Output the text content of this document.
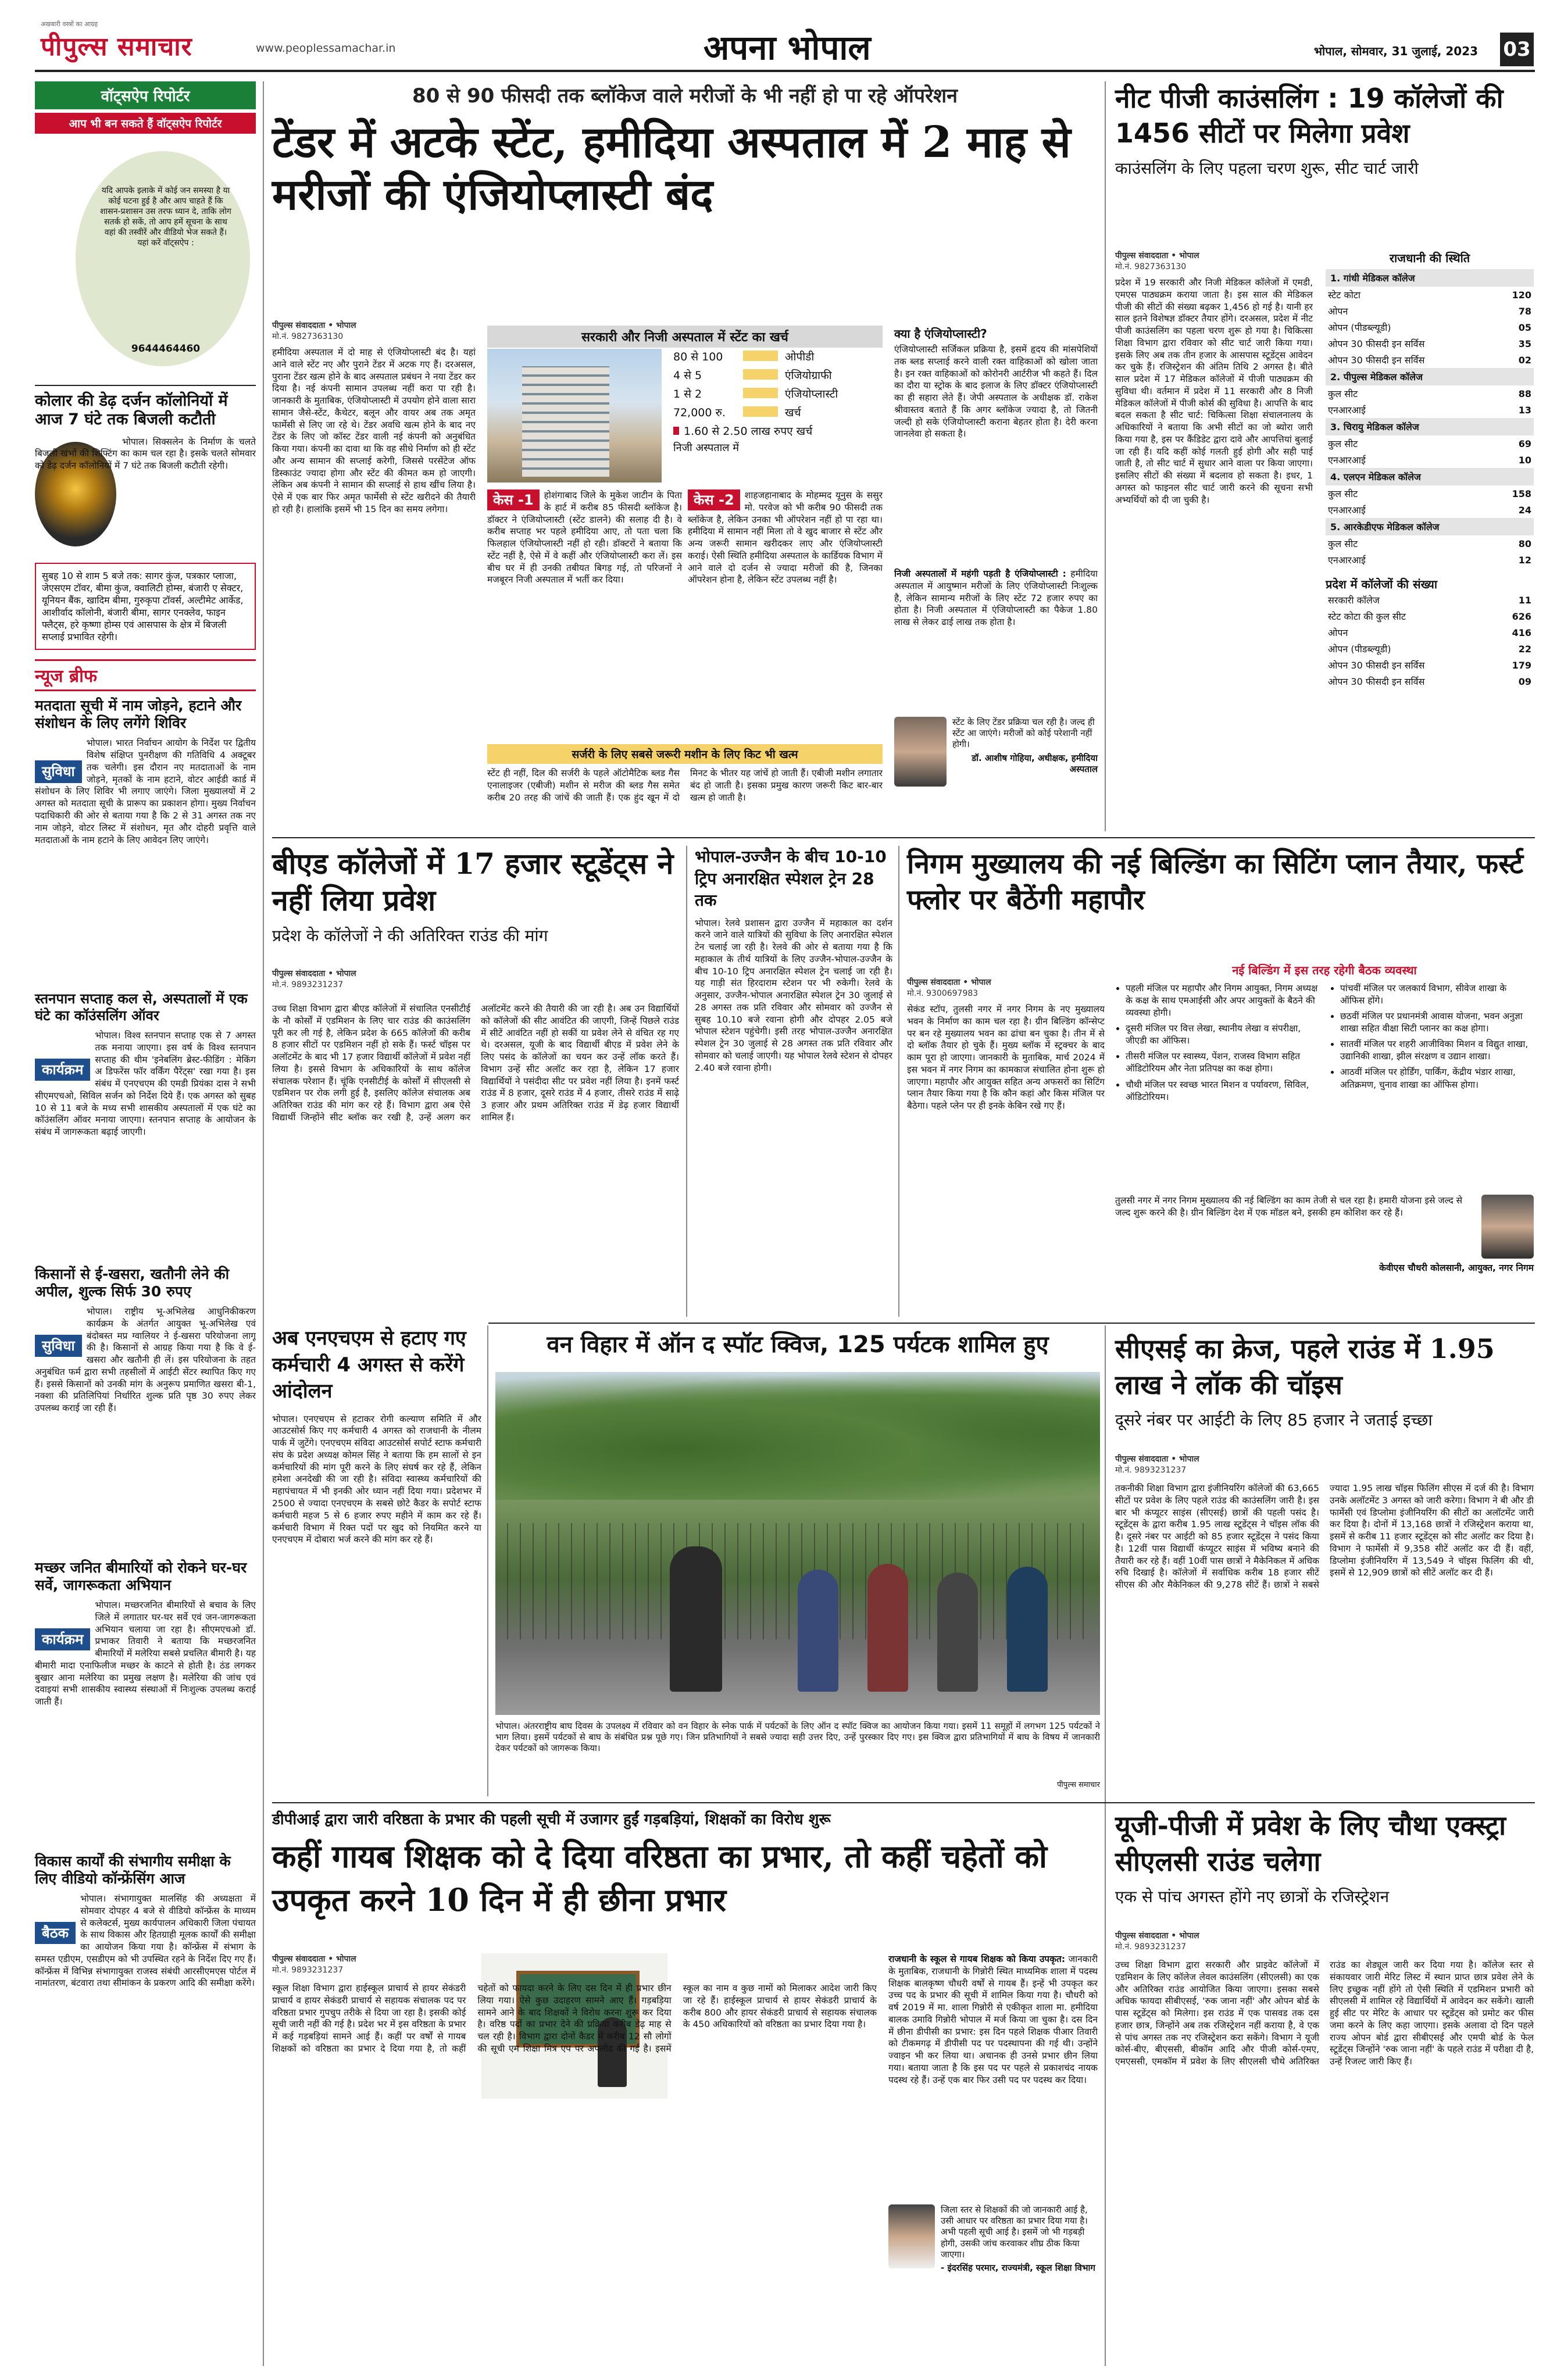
अखबारी वस्त्रों का आग्रह
पीपुल्स समाचार	www.peoplessamachar.in	अपना भोपाल	भोपाल, सोमवार, 31 जुलाई, 2023 03
वॉट्सऐप रिपोर्टर
आप भी बन सकते हैं वॉट्सऐप रिपोर्टर
यदि आपके इलाके में कोई जन समस्या है या कोई घटना हुई है और आप चाहते हैं कि शासन-प्रशासन उस तरफ ध्यान दे, ताकि लोग सतर्क हो सकें, तो आप हमें सूचना के साथ वहां की तस्वीरें और वीडियो भेज सकते हैं। यहां करें वॉट्सऐप :
9644464460
कोलार की डेढ़ दर्जन कॉलोनियों में आज 7 घंटे तक बिजली कटौती
भोपाल। सिक्सलेन के निर्माण के चलते बिजली खंभों की शिफ्टिंग का काम चल रहा है। इसके चलते सोमवार को डेढ़ दर्जन कॉलोनियों में 7 घंटे तक बिजली कटौती रहेगी।
सुबह 10 से शाम 5 बजे तक: सागर कुंज, पत्रकार प्लाजा, जेएसएम टॉवर, बीमा कुंज, क्वालिटी होम्स, बंजारी ए सेक्टर, यूनियन बैंक, खादिम बीमा, गुरुकृपा टॉवर्स, अल्टीमेट आर्केड, आशीर्वाद कॉलोनी, बंजारी बीमा, सागर एनक्लेव, फाइन फ्लैट्स, हरे कृष्णा होम्स एवं आसपास के क्षेत्र में बिजली सप्लाई प्रभावित रहेगी।
न्यूज ब्रीफ
मतदाता सूची में नाम जोड़ने, हटाने और संशोधन के लिए लगेंगे शिविर
सुविधा
भोपाल। भारत निर्वाचन आयोग के निर्देश पर द्वितीय विशेष संक्षिप्त पुनरीक्षण की गतिविधि 4 अक्टूबर तक चलेगी। इस दौरान नए मतदाताओं के नाम जोड़ने, मृतकों के नाम हटाने, वोटर आईडी कार्ड में संशोधन के लिए शिविर भी लगाए जाएंगे। जिला मुख्यालयों में 2 अगस्त को मतदाता सूची के प्रारूप का प्रकाशन होगा। मुख्य निर्वाचन पदाधिकारी की ओर से बताया गया है कि 2 से 31 अगस्त तक नए नाम जोड़ने, वोटर लिस्ट में संशोधन, मृत और दोहरी प्रवृत्ति वाले मतदाताओं के नाम हटाने के लिए आवेदन लिए जाएंगे।
स्तनपान सप्ताह कल से, अस्पतालों में एक घंटे का कॉउंसलिंग ऑवर
कार्यक्रम
भोपाल। विश्व स्तनपान सप्ताह एक से 7 अगस्त तक मनाया जाएगा। इस वर्ष के विश्व स्तनपान सप्ताह की थीम 'इनेबलिंग ब्रेस्ट-फीडिंग : मेकिंग अ डिफरेंस फॉर वर्किंग पैरेंट्स' रखा गया है। इस संबंध में एनएचएम की एमडी प्रियंका दास ने सभी सीएमएचओ, सिविल सर्जन को निर्देश दिये हैं। एक अगस्त को सुबह 10 से 11 बजे के मध्य सभी शासकीय अस्पतालों में एक घंटे का कॉउंसलिंग ऑवर मनाया जाएगा। स्तनपान सप्ताह के आयोजन के संबंध में जागरूकता बढ़ाई जाएगी।
किसानों से ई-खसरा, खतौनी लेने की अपील, शुल्क सिर्फ 30 रुपए
सुविधा
भोपाल। राष्ट्रीय भू-अभिलेख आधुनिकीकरण कार्यक्रम के अंतर्गत आयुक्त भू-अभिलेख एवं बंदोबस्त मप्र ग्वालियर ने ई-खसरा परियोजना लागू की है। किसानों से आग्रह किया गया है कि वे ई-खसरा और खतौनी ही लें। इस परियोजना के तहत अनुबंधित फर्म द्वारा सभी तहसीलों में आईटी सेंटर स्थापित किए गए हैं। इससे किसानों को उनकी मांग के अनुरूप प्रमाणित खसरा बी-1, नक्शा की प्रतिलिपियां निर्धारित शुल्क प्रति पृष्ठ 30 रुपए लेकर उपलब्ध कराई जा रही हैं।
मच्छर जनित बीमारियों को रोकने घर-घर सर्वे, जागरूकता अभियान
कार्यक्रम
भोपाल। मच्छरजनित बीमारियों से बचाव के लिए जिले में लगातार घर-घर सर्वे एवं जन-जागरूकता अभियान चलाया जा रहा है। सीएमएचओ डॉ. प्रभाकर तिवारी ने बताया कि मच्छरजनित बीमारियों में मलेरिया सबसे प्रचलित बीमारी है। यह बीमारी मादा एनाफिलीज मच्छर के काटने से होती है। ठंड लगकर बुखार आना मलेरिया का प्रमुख लक्षण है। मलेरिया की जांच एवं दवाइयां सभी शासकीय स्वास्थ्य संस्थाओं में निःशुल्क उपलब्ध कराई जाती हैं।
विकास कार्यों की संभागीय समीक्षा के लिए वीडियो कॉन्फ्रेंसिंग आज
बैठक
भोपाल। संभागायुक्त मालसिंह की अध्यक्षता में सोमवार दोपहर 4 बजे से वीडियो कॉन्फ्रेंस के माध्यम से कलेक्टर्स, मुख्य कार्यपालन अधिकारी जिला पंचायत के साथ विकास और हितग्राही मूलक कार्यों की समीक्षा का आयोजन किया गया है। कॉन्फ्रेंस में संभाग के समस्त एडीएम, एसडीएम को भी उपस्थित रहने के निर्देश दिए गए हैं। कॉन्फ्रेंस में विभिन्न संभागायुक्त राजस्व संबंधी आरसीएमएस पोर्टल में नामांतरण, बंटवारा तथा सीमांकन के प्रकरण आदि की समीक्षा करेंगे।
80 से 90 फीसदी तक ब्लॉकेज वाले मरीजों के भी नहीं हो पा रहे ऑपरेशन
टेंडर में अटके स्टेंट, हमीदिया अस्पताल में 2 माह से मरीजों की एंजियोप्लास्टी बंद
पीपुल्स संवाददाता • भोपाल
मो.नं. 9827363130
हमीदिया अस्पताल में दो माह से एंजियोप्लास्टी बंद है। यहां आने वाले स्टेंट नए और पुराने टेंडर में अटक गए हैं। दरअसल, पुराना टेंडर खत्म होने के बाद अस्पताल प्रबंधन ने नया टेंडर कर दिया है। नई कंपनी सामान उपलब्ध नहीं करा पा रही है। जानकारी के मुताबिक, एंजियोप्लास्टी में उपयोग होने वाला सारा सामान जैसे-स्टेंट, कैथेटर, बलून और वायर अब तक अमृत फार्मेसी से लिए जा रहे थे। टेंडर अवधि खत्म होने के बाद नए टेंडर के लिए जो कॉस्ट टेंडर वाली नई कंपनी को अनुबंधित किया गया। कंपनी का दावा था कि वह सीधे निर्माण को ही स्टेंट और अन्य सामान की सप्लाई करेगी, जिससे परसेंटेज ऑफ डिस्काउंट ज्यादा होगा और स्टेंट की कीमत कम हो जाएगी। लेकिन अब कंपनी ने सामान की सप्लाई से हाथ खींच लिया है। ऐसे में एक बार फिर अमृत फार्मेसी से स्टेंट खरीदने की तैयारी हो रही है। हालांकि इसमें भी 15 दिन का समय लगेगा।
सरकारी और निजी अस्पताल में स्टेंट का खर्च
80 से 100	ओपीडी
4 से 5	एंजियोग्राफी
1 से 2	एंजियोप्लास्टी
72,000 रु.	खर्च
1.60 से 2.50 लाख रुपए खर्च
निजी अस्पताल में
केस -1	होशंगाबाद जिले के मुकेश जाटीन के पिता के हार्ट में करीब 85 फीसदी ब्लॉकेज है। डॉक्टर ने एंजियोप्लास्टी (स्टेंट डालने) की सलाह दी है। वे करीब सप्ताह भर पहले हमीदिया आए, तो पता चला कि फिलहाल एंजियोप्लास्टी नहीं हो रही। डॉक्टरों ने बताया कि स्टेंट नहीं है, ऐसे में वे कहीं और एंजियोप्लास्टी करा लें। इस बीच घर में ही उनकी तबीयत बिगड़ गई, तो परिजनों ने मजबूरन निजी अस्पताल में भर्ती कर दिया।
केस -2	शाहजहानाबाद के मोहम्मद यूनुस के ससुर मो. परवेज को भी करीब 90 फीसदी तक ब्लॉकेज है, लेकिन उनका भी ऑपरेशन नहीं हो पा रहा था। हमीदिया में सामान नहीं मिला तो वे खुद बाजार से स्टेंट और अन्य जरूरी सामान खरीदकर लाए और एंजियोप्लास्टी कराई। ऐसी स्थिति हमीदिया अस्पताल के कार्डियक विभाग में आने वाले दो दर्जन से ज्यादा मरीजों की है, जिनका ऑपरेशन होना है, लेकिन स्टेंट उपलब्ध नहीं है।
सर्जरी के लिए सबसे जरूरी मशीन के लिए किट भी खत्म
स्टेंट ही नहीं, दिल की सर्जरी के पहले ऑटोमैटिक ब्लड गैस एनालाइजर (एबीजी) मशीन से मरीज की ब्लड गैस समेत करीब 20 तरह की जांचें की जाती हैं। एक हुंद खून में दो मिनट के भीतर यह जांचें हो जाती हैं। एबीजी मशीन लगातार बंद हो जाती है। इसका प्रमुख कारण जरूरी किट बार-बार खत्म हो जाती है।
क्या है एंजियोप्लास्टी?
एंजियोप्लास्टी सर्जिकल प्रक्रिया है, इसमें हृदय की मांसपेशियों तक ब्लड सप्लाई करने वाली रक्त वाहिकाओं को खोला जाता है। इन रक्त वाहिकाओं को कोरोनरी आर्टरीज भी कहते हैं। दिल का दौरा या स्ट्रोक के बाद इलाज के लिए डॉक्टर एंजियोप्लास्टी का ही सहारा लेते हैं। जेपी अस्पताल के अधीक्षक डॉ. राकेश श्रीवास्तव बताते हैं कि अगर ब्लॉकेज ज्यादा है, तो जितनी जल्दी हो सके एंजियोप्लास्टी कराना बेहतर होता है। देरी करना जानलेवा हो सकता है।
निजी अस्पतालों में महंगी पड़ती है एंजियोप्लास्टी : हमीदिया अस्पताल में आयुष्मान मरीजों के लिए एंजियोप्लास्टी निःशुल्क है, लेकिन सामान्य मरीजों के लिए स्टेंट 72 हजार रुपए का होता है। निजी अस्पताल में एंजियोप्लास्टी का पैकेज 1.80 लाख से लेकर ढाई लाख तक होता है।
स्टेंट के लिए टेंडर प्रक्रिया चल रही है। जल्द ही स्टेंट आ जाएंगे। मरीजों को कोई परेशानी नहीं होगी।
डॉ. आशीष गोहिया, अधीक्षक, हमीदिया अस्पताल
नीट पीजी काउंसलिंग : 19 कॉलेजों की 1456 सीटों पर मिलेगा प्रवेश
काउंसलिंग के लिए पहला चरण शुरू, सीट चार्ट जारी
पीपुल्स संवाददाता • भोपाल
मो.नं. 9827363130
प्रदेश में 19 सरकारी और निजी मेडिकल कॉलेजों में एमडी, एमएस पाठ्यक्रम कराया जाता है। इस साल की मेडिकल पीजी की सीटों की संख्या बढ़कर 1,456 हो गई है। यानी हर साल इतने विशेषज्ञ डॉक्टर तैयार होंगे। दरअसल, प्रदेश में नीट पीजी काउंसलिंग का पहला चरण शुरू हो गया है। चिकित्सा शिक्षा विभाग द्वारा रविवार को सीट चार्ट जारी किया गया। इसके लिए अब तक तीन हजार के आसपास स्टूडेंट्स आवेदन कर चुके हैं। रजिस्ट्रेशन की अंतिम तिथि 2 अगस्त है। बीते साल प्रदेश में 17 मेडिकल कॉलेजों में पीजी पाठ्यक्रम की सुविधा थी। वर्तमान में प्रदेश में 11 सरकारी और 8 निजी मेडिकल कॉलेजों में पीजी कोर्स की सुविधा है। आपत्ति के बाद बदल सकता है सीट चार्ट: चिकित्सा शिक्षा संचालनालय के अधिकारियों ने बताया कि अभी सीटों का जो ब्योरा जारी किया गया है, इस पर कैंडिडेट द्वारा दावे और आपत्तियां बुलाई जा रही हैं। यदि कहीं कोई गलती हुई होगी और सही पाई जाती है, तो सीट चार्ट में सुधार आने वाला पर किया जाएगा। इसलिए सीटों की संख्या में बदलाव हो सकता है। इधर, 1 अगस्त को फाइनल सीट चार्ट जारी करने की सूचना सभी अभ्यर्थियों को दी जा चुकी है।
राजधानी की स्थिति
1. गांधी मेडिकल कॉलेज
स्टेट कोटा	120
ओपन	78
ओपन (पीडब्ल्यूडी)	05
ओपन 30 फीसदी इन सर्विस	35
ओपन 30 फीसदी इन सर्विस	02
2. पीपुल्स मेडिकल कॉलेज
कुल सीट	88
एनआरआई	13
3. चिरायु मेडिकल कॉलेज
कुल सीट	69
एनआरआई	10
4. एलएन मेडिकल कॉलेज
कुल सीट	158
एनआरआई	24
5. आरकेडीएफ मेडिकल कॉलेज
कुल सीट	80
एनआरआई	12
प्रदेश में कॉलेजों की संख्या
सरकारी कॉलेज	11
स्टेट कोटा की कुल सीट	626
ओपन	416
ओपन (पीडब्ल्यूडी)	22
ओपन 30 फीसदी इन सर्विस	179
ओपन 30 फीसदी इन सर्विस	09
बीएड कॉलेजों में 17 हजार स्टूडेंट्स ने नहीं लिया प्रवेश
प्रदेश के कॉलेजों ने की अतिरिक्त राउंड की मांग
पीपुल्स संवाददाता • भोपाल
मो.नं. 9893231237
उच्च शिक्षा विभाग द्वारा बीएड कॉलेजों में संचालित एनसीटीई के नौ कोर्सों में एडमिशन के लिए चार राउंड की काउंसलिंग पूरी कर ली गई है, लेकिन प्रदेश के 665 कॉलेजों की करीब 8 हजार सीटों पर एडमिशन नहीं हो सके हैं। फर्स्ट चॉइस पर अलॉटमेंट के बाद भी 17 हजार विद्यार्थी कॉलेजों में प्रवेश नहीं लिया है। इससे विभाग के अधिकारियों के साथ कॉलेज संचालक परेशान हैं। चूंकि एनसीटीई के कोर्सों में सीएलसी से एडमिशन पर रोक लगी हुई है, इसलिए कॉलेज संचालक अब अतिरिक्त राउंड की मांग कर रहे हैं। विभाग द्वारा अब ऐसे विद्यार्थी जिन्होंने सीट ब्लॉक कर रखी है, उन्हें अलग कर अलॉटमेंट करने की तैयारी की जा रही है। अब उन विद्यार्थियों को कॉलेजों की सीट आवंटित की जाएगी, जिन्हें पिछले राउंड में सीटें आवंटित नहीं हो सकीं या प्रवेश लेने से वंचित रह गए थे। दरअसल, यूजी के बाद विद्यार्थी बीएड में प्रवेश लेने के लिए पसंद के कॉलेजों का चयन कर उन्हें लॉक करते हैं। विभाग उन्हें सीट अलॉट कर रहा है, लेकिन 17 हजार विद्यार्थियों ने पसंदीदा सीट पर प्रवेश नहीं लिया है। इनमें फर्स्ट राउंड में 8 हजार, दूसरे राउंड में 4 हजार, तीसरे राउंड में साढ़े 3 हजार और प्रथम अतिरिक्त राउंड में डेढ़ हजार विद्यार्थी शामिल हैं।
भोपाल-उज्जैन के बीच 10-10 ट्रिप अनारक्षित स्पेशल ट्रेन 28 तक
भोपाल। रेलवे प्रशासन द्वारा उज्जैन में महाकाल का दर्शन करने जाने वाले यात्रियों की सुविधा के लिए अनारक्षित स्पेशल टेन चलाई जा रही है। रेलवे की ओर से बताया गया है कि महाकाल के तीर्थ यात्रियों के लिए उज्जैन-भोपाल-उज्जैन के बीच 10-10 ट्रिप अनारक्षित स्पेशल ट्रेन चलाई जा रही है। यह गाड़ी संत हिरदाराम स्टेशन पर भी रुकेगी। रेलवे के अनुसार, उज्जैन-भोपाल अनारक्षित स्पेशल ट्रेन 30 जुलाई से 28 अगस्त तक प्रति रविवार और सोमवार को उज्जैन से सुबह 10.10 बजे रवाना होगी और दोपहर 2.05 बजे भोपाल स्टेशन पहुंचेगी। इसी तरह भोपाल-उज्जैन अनारक्षित स्पेशल ट्रेन 30 जुलाई से 28 अगस्त तक प्रति रविवार और सोमवार को चलाई जाएगी। यह भोपाल रेलवे स्टेशन से दोपहर 2.40 बजे रवाना होगी।
निगम मुख्यालय की नई बिल्डिंग का सिटिंग प्लान तैयार, फर्स्ट फ्लोर पर बैठेंगी महापौर
पीपुल्स संवाददाता • भोपाल
मो.नं. 9300697983
सेकंड स्टॉप, तुलसी नगर में नगर निगम के नए मुख्यालय भवन के निर्माण का काम चल रहा है। ग्रीन बिल्डिंग कॉन्सेप्ट पर बन रहे मुख्यालय भवन का ढांचा बन चुका है। तीन में से दो ब्लॉक तैयार हो चुके हैं। मुख्य ब्लॉक में स्ट्रक्चर के बाद काम पूरा हो जाएगा। जानकारी के मुताबिक, मार्च 2024 में इस भवन में नगर निगम का कामकाज संचालित होना शुरू हो जाएगा। महापौर और आयुक्त सहित अन्य अफसरों का सिटिंग प्लान तैयार किया गया है कि कौन कहां और किस मंजिल पर बैठेगा। पहले प्लेन पर ही इनके केबिन रखे गए हैं।
नई बिल्डिंग में इस तरह रहेगी बैठक व्यवस्था
• पहली मंजिल पर महापौर और निगम आयुक्त, निगम अध्यक्ष के कक्ष के साथ एमआईसी और अपर आयुक्तों के बैठने की व्यवस्था होगी।
• दूसरी मंजिल पर वित्त लेखा, स्थानीय लेखा व संपरीक्षा, जीएडी का ऑफिस।
• तीसरी मंजिल पर स्वास्थ्य, पेंशन, राजस्व विभाग सहित ऑडिटोरियम और नेता प्रतिपक्ष का कक्ष होगा।
• चौथी मंजिल पर स्वच्छ भारत मिशन व पर्यावरण, सिविल, ऑडिटोरियम।
• पांचवीं मंजिल पर जलकार्य विभाग, सीवेज शाखा के ऑफिस होंगे।
• छठवीं मंजिल पर प्रधानमंत्री आवास योजना, भवन अनुज्ञा शाखा सहित वीक्षा सिटी प्लानर का कक्ष होगा।
• सातवीं मंजिल पर शहरी आजीविका मिशन व विद्युत शाखा, उद्यानिकी शाखा, झील संरक्षण व उद्यान शाखा।
• आठवीं मंजिल पर होर्डिंग, पार्किंग, केंद्रीय भंडार शाखा, अतिक्रमण, चुनाव शाखा का ऑफिस होगा।
तुलसी नगर में नगर निगम मुख्यालय की नई बिल्डिंग का काम तेजी से चल रहा है। हमारी योजना इसे जल्द से जल्द शुरू करने की है। ग्रीन बिल्डिंग देश में एक मॉडल बने, इसकी हम कोशिश कर रहे हैं।
केवीएस चौधरी कोलसानी, आयुक्त, नगर निगम
अब एनएचएम से हटाए गए कर्मचारी 4 अगस्त से करेंगे आंदोलन
भोपाल। एनएचएम से हटाकर रोगी कल्याण समिति में और आउटसोर्स किए गए कर्मचारी 4 अगस्त को राजधानी के नीलम पार्क में जुटेंगे। एनएचएम संविदा आउटसोर्स सपोर्ट स्टाफ कर्मचारी संघ के प्रदेश अध्यक्ष कोमल सिंह ने बताया कि हम सालों से इन कर्मचारियों की मांग पूरी करने के लिए संघर्ष कर रहे हैं, लेकिन हमेशा अनदेखी की जा रही है। संविदा स्वास्थ्य कर्मचारियों की महापंचायत में भी इनकी ओर ध्यान नहीं दिया गया। प्रदेशभर में 2500 से ज्यादा एनएचएम के सबसे छोटे कैडर के सपोर्ट स्टाफ कर्मचारी महज 5 से 6 हजार रुपए महीने में काम कर रहे हैं। कर्मचारी विभाग में रिक्त पदों पर खुद को नियमित करने या एनएचएम में दोबारा भर्ज करने की मांग कर रहे हैं।
वन विहार में ऑन द स्पॉट क्विज, 125 पर्यटक शामिल हुए
भोपाल। अंतरराष्ट्रीय बाघ दिवस के उपलक्ष्य में रविवार को वन विहार के स्नेक पार्क में पर्यटकों के लिए ऑन द स्पॉट क्विज का आयोजन किया गया। इसमें 11 समूहों में लगभग 125 पर्यटकों ने भाग लिया। इसमें पर्यटकों से बाघ के संबंधित प्रश्न पूछे गए। जिन प्रतिभागियों ने सबसे ज्यादा सही उत्तर दिए, उन्हें पुरस्कार दिए गए। इस क्विज द्वारा प्रतिभागियों में बाघ के विषय में जानकारी देकर पर्यटकों को जागरूक किया।
पीपुल्स समाचार
सीएसई का क्रेज, पहले राउंड में 1.95 लाख ने लॉक की चॉइस
दूसरे नंबर पर आईटी के लिए 85 हजार ने जताई इच्छा
पीपुल्स संवाददाता • भोपाल
मो.नं. 9893231237
तकनीकी शिक्षा विभाग द्वारा इंजीनियरिंग कॉलेजों की 63,665 सीटों पर प्रवेश के लिए पहले राउंड की काउंसलिंग जारी है। इस बार भी कंप्यूटर साइंस (सीएसई) छात्रों की पहली पसंद है। स्टूडेंट्स के द्वारा करीब 1.95 लाख स्टूडेंट्स ने चॉइस लॉक की है। दूसरे नंबर पर आईटी को 85 हजार स्टूडेंट्स ने पसंद किया है। 12वीं पास विद्यार्थी कंप्यूटर साइंस में भविष्य बनाने की तैयारी कर रहे हैं। वहीं 10वीं पास छात्रों ने मैकेनिकल में अधिक रुचि दिखाई है। कॉलेजों में सर्वाधिक करीब 18 हजार सीटें सीएस की और मैकेनिकल की 9,278 सीटें हैं। छात्रों ने सबसे ज्यादा 1.95 लाख चॉइस फिलिंग सीएस में दर्ज की है। विभाग उनके अलॉटमेंट 3 अगस्त को जारी करेगा। विभाग ने बी और डी फार्मेसी एवं डिप्लोमा इंजीनियरिंग की सीटों का अलॉटमेंट जारी कर दिया है। दोनों में 13,168 छात्रों ने रजिस्ट्रेशन कराया था, इसमें से करीब 11 हजार स्टूडेंट्स को सीट अलॉट कर दिया है। विभाग ने फार्मेसी में 9,358 सीटें अलॉट कर दी हैं। वहीं, डिप्लोमा इंजीनियरिंग में 13,549 ने चॉइस फिलिंग की थी, इसमें से 12,909 छात्रों को सीटें अलॉट कर दी हैं।
डीपीआई द्वारा जारी वरिष्ठता के प्रभार की पहली सूची में उजागर हुईं गड़बड़ियां, शिक्षकों का विरोध शुरू
कहीं गायब शिक्षक को दे दिया वरिष्ठता का प्रभार, तो कहीं चहेतों को उपकृत करने 10 दिन में ही छीना प्रभार
पीपुल्स संवाददाता • भोपाल
मो.नं. 9893231237
स्कूल शिक्षा विभाग द्वारा हाईस्कूल प्राचार्य से हायर सेकंडरी प्राचार्य व हायर सेकंडरी प्राचार्य से सहायक संचालक पद पर वरिष्ठता प्रभार गुपचुप तरीके से दिया जा रहा है। इसकी कोई सूची जारी नहीं की गई है। प्रदेश भर में इस वरिष्ठता के प्रभार में कई गड़बड़ियां सामने आई हैं। कहीं पर वर्षों से गायब शिक्षकों को वरिष्ठता का प्रभार दे दिया गया है, तो कहीं चहेतों को फायदा करने के लिए दस दिन में ही प्रभार छीन लिया गया। ऐसे कुछ उदाहरण सामने आए हैं। गड़बड़िया सामने आने के बाद शिक्षकों ने विरोध करना शुरू कर दिया है। वरिष्ठ पदों का प्रभार देने की प्रक्रिया करीब डेढ़ माह से चल रही है। विभाग द्वारा दोनों कैडर में करीब 12 सौ लोगों की सूची एम शिक्षा मित्र एप पर अपलोड की गई है। इसमें स्कूल का नाम व कुछ नामों को मिलाकर आदेश जारी किए जा रहे हैं। हाईस्कूल प्राचार्य से हायर सेकंडरी प्राचार्य के करीब 800 और हायर सेकंडरी प्राचार्य से सहायक संचालक के 450 अधिकारियों को वरिष्ठता का प्रभार दिया गया है।
राजधानी के स्कूल से गायब शिक्षक को किया उपकृत: जानकारी के मुताबिक, राजधानी के गिन्नोरी स्थित माध्यमिक शाला में पदस्थ शिक्षक बालकृष्ण चौधरी वर्षों से गायब हैं। इन्हें भी उपकृत कर उच्च पद के प्रभार की सूची में शामिल किया गया है। चौधरी को वर्ष 2019 में मा. शाला गिन्नोरी से एकीकृत शाला मा. हमीदिया बालक उमावि गिन्नोरी भोपाल में मर्ज किया जा चुका है। दस दिन में छीना डीपीसी का प्रभार: इस दिन पहले शिक्षक पीआर तिवारी को टीकमगढ़ में डीपीसी पद पर पदस्थापना की गई थी। उन्होंने ज्वाइन भी कर लिया था। अचानक ही उनसे प्रभार छीन लिया गया। बताया जाता है कि इस पद पर पहले से प्रकाशचंद नायक पदस्थ रहे हैं। उन्हें एक बार फिर उसी पद पर पदस्थ कर दिया।
जिला स्तर से शिक्षकों की जो जानकारी आई है, उसी आधार पर वरिष्ठता का प्रभार दिया गया है। अभी पहली सूची आई है। इसमें जो भी गड़बड़ी होगी, उसकी जांच करवाकर शीघ्र ठीक किया जाएगा।
- इंदरसिंह परमार, राज्यमंत्री, स्कूल शिक्षा विभाग
यूजी-पीजी में प्रवेश के लिए चौथा एक्स्ट्रा सीएलसी राउंड चलेगा
एक से पांच अगस्त होंगे नए छात्रों के रजिस्ट्रेशन
पीपुल्स संवाददाता • भोपाल
मो.नं. 9893231237
उच्च शिक्षा विभाग द्वारा सरकारी और प्राइवेट कॉलेजों में एडमिशन के लिए कॉलेज लेवल काउंसलिंग (सीएलसी) का एक और अतिरिक्त राउंड आयोजित किया जाएगा। इसका सबसे अधिक फायदा सीबीएसई, 'रुक जाना नहीं' और ओपन बोर्ड के पास स्टूडेंट्स को मिलेगा। इस राउंड में एक पासवड तक दस हजार छात्र, जिन्होंने अब तक रजिस्ट्रेशन नहीं कराया है, वे एक से पांच अगस्त तक नए रजिस्ट्रेशन करा सकेंगे। विभाग ने यूजी कोर्स-बीए, बीएससी, बीकॉम आदि और पीजी कोर्स-एमए, एमएससी, एमकॉम में प्रवेश के लिए सीएलसी चौथे अतिरिक्त राउंड का शेड्यूल जारी कर दिया गया है। कॉलेज स्तर से संकायवार जारी मेरिट लिस्ट में स्थान प्राप्त छात्र प्रवेश लेने के लिए इच्छुक नहीं होंगे तो ऐसी स्थिति में एडमिशन प्रभारी को सीएलसी में शामिल रहे विद्यार्थियों में आवेदन कर सकेंगे। खाली हुई सीट पर मेरिट के आधार पर स्टूडेंट्स को प्रमोट कर फीस जमा करने के लिए कहा जाएगा। इसके अलावा दो दिन पहले राज्य ओपन बोर्ड द्वारा सीबीएसई और एमपी बोर्ड के फेल स्टूडेंट्स जिन्होंने 'रुक जाना नहीं' के पहले राउंड में परीक्षा दी है, उन्हें रिजल्ट जारी किए हैं।
